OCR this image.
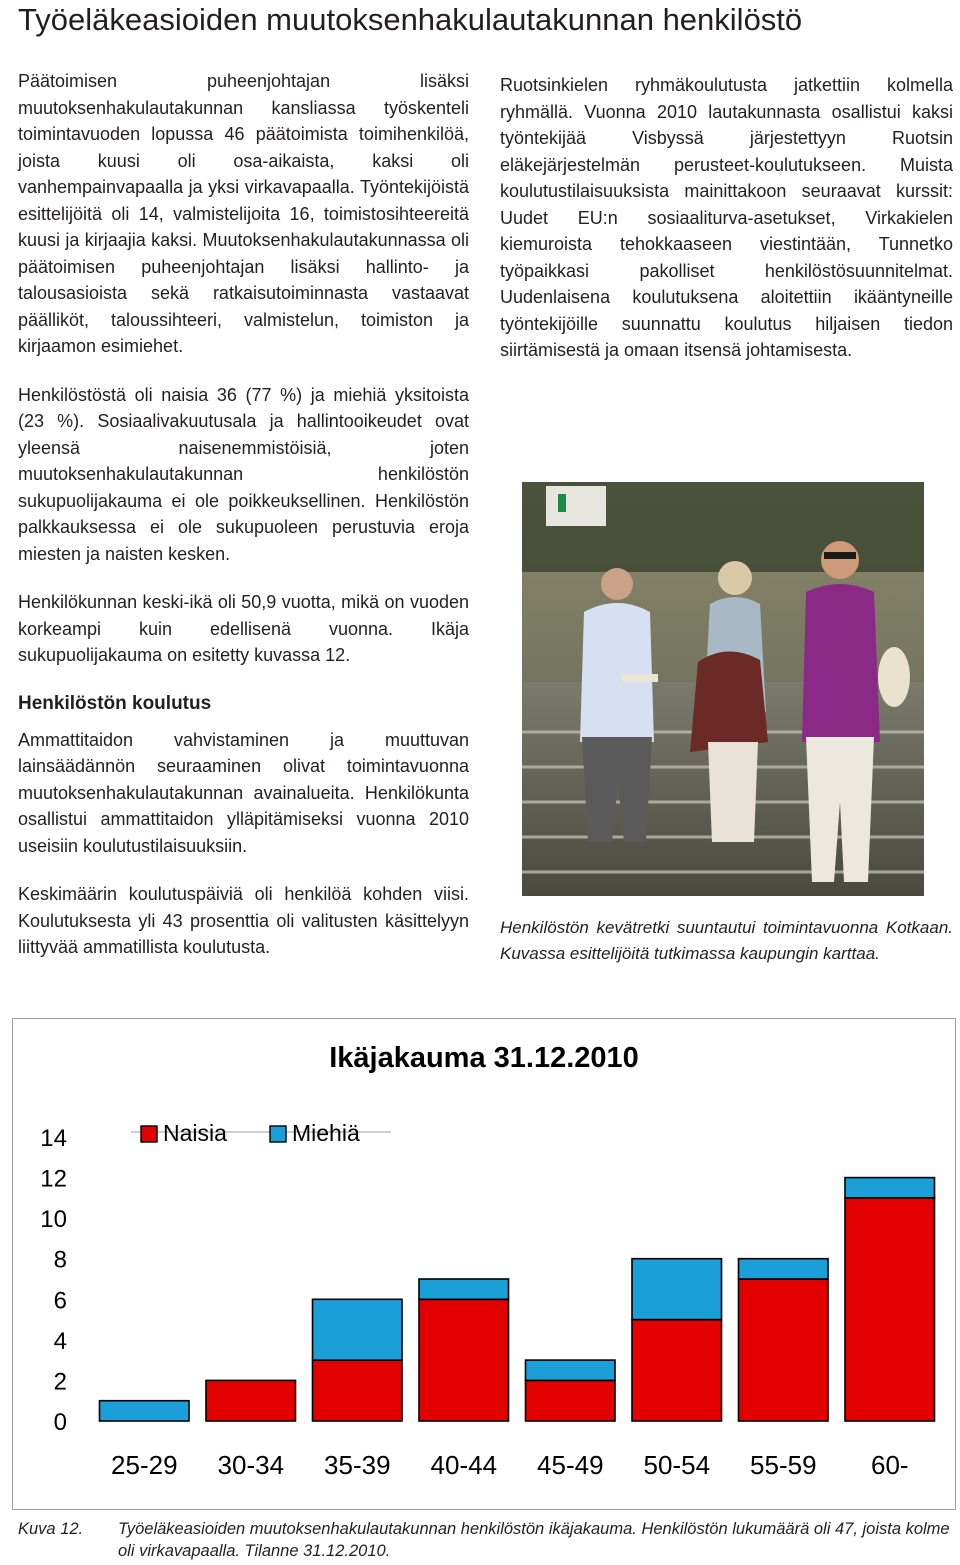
Työeläkeasioiden muutoksenhakulautakunnan henkilöstö

Päätoimisen puheenjohtajan lisäksi muutoksenhakulautakunnan kansliassa työskenteli toimintavuoden lopussa 46 päätoimista toimihenkilöä, joista kuusi oli osa-aikaista, kaksi oli vanhempainvapaalla ja yksi virkavapaalla. Työntekijöistä esittelijöitä oli 14, valmistelijoita 16, toimistosihteereitä kuusi ja kirjaajia kaksi. Muutoksenhakulautakunnassa oli päätoimisen puheenjohtajan lisäksi hallinto- ja talousasioista sekä ratkaisutoiminnasta vastaavat päälliköt, taloussihteeri, valmistelun, toimiston ja kirjaamon esimiehet.

Henkilöstöstä oli naisia 36 (77 %) ja miehiä yksitoista (23 %). Sosiaalivakuutusala ja hallintooikeudet ovat yleensä naisenemmistöisiä, joten muutoksenhakulautakunnan henkilöstön sukupuolijakauma ei ole poikkeuksellinen. Henkilöstön palkkauksessa ei ole sukupuoleen perustuvia eroja miesten ja naisten kesken.

Henkilökunnan keski-ikä oli 50,9 vuotta, mikä on vuoden korkeampi kuin edellisenä vuonna. Ikäja sukupuolijakauma on esitetty kuvassa 12.

Henkilöstön koulutus

Ammattitaidon vahvistaminen ja muuttuvan lainsäädännön seuraaminen olivat toimintavuonna muutoksenhakulautakunnan avainalueita. Henkilökunta osallistui ammattitaidon ylläpitämiseksi vuonna 2010 useisiin koulutustilaisuuksiin.

Keskimäärin koulutuspäiviä oli henkilöä kohden viisi. Koulutuksesta yli 43 prosenttia oli valitusten käsittelyyn liittyvää ammatillista koulutusta.

Ruotsinkielen ryhmäkoulutusta jatkettiin kolmella ryhmällä. Vuonna 2010 lautakunnasta osallistui kaksi työntekijää Visbyssä järjestettyyn Ruotsin eläkejärjestelmän perusteet-koulutukseen. Muista koulutustilaisuuksista mainittakoon seuraavat kurssit: Uudet EU:n sosiaaliturva-asetukset, Virkakielen kiemuroista tehokkaaseen viestintään, Tunnetko työpaikkasi pakolliset henkilöstösuunnitelmat. Uudenlaisena koulutuksena aloitettiin ikääntyneille työntekijöille suunnattu koulutus hiljaisen tiedon siirtämisestä ja omaan itsensä johtamisesta.

Henkilöstön kevätretki suuntautui toimintavuonna Kotkaan. Kuvassa esittelijöitä tutkimassa kaupungin karttaa.
Ikäjakauma 31.12.2010
Naisia	Miehiä
0
2
4
6
8
10
12
14
25-29 30-34 35-39 40-44 45-49 50-54 55-59 60-
Kuva 12. Työeläkeasioiden muutoksenhakulautakunnan henkilöstön ikäjakauma. Henkilöstön lukumäärä oli 47, joista kolme oli virkavapaalla. Tilanne 31.12.2010.
